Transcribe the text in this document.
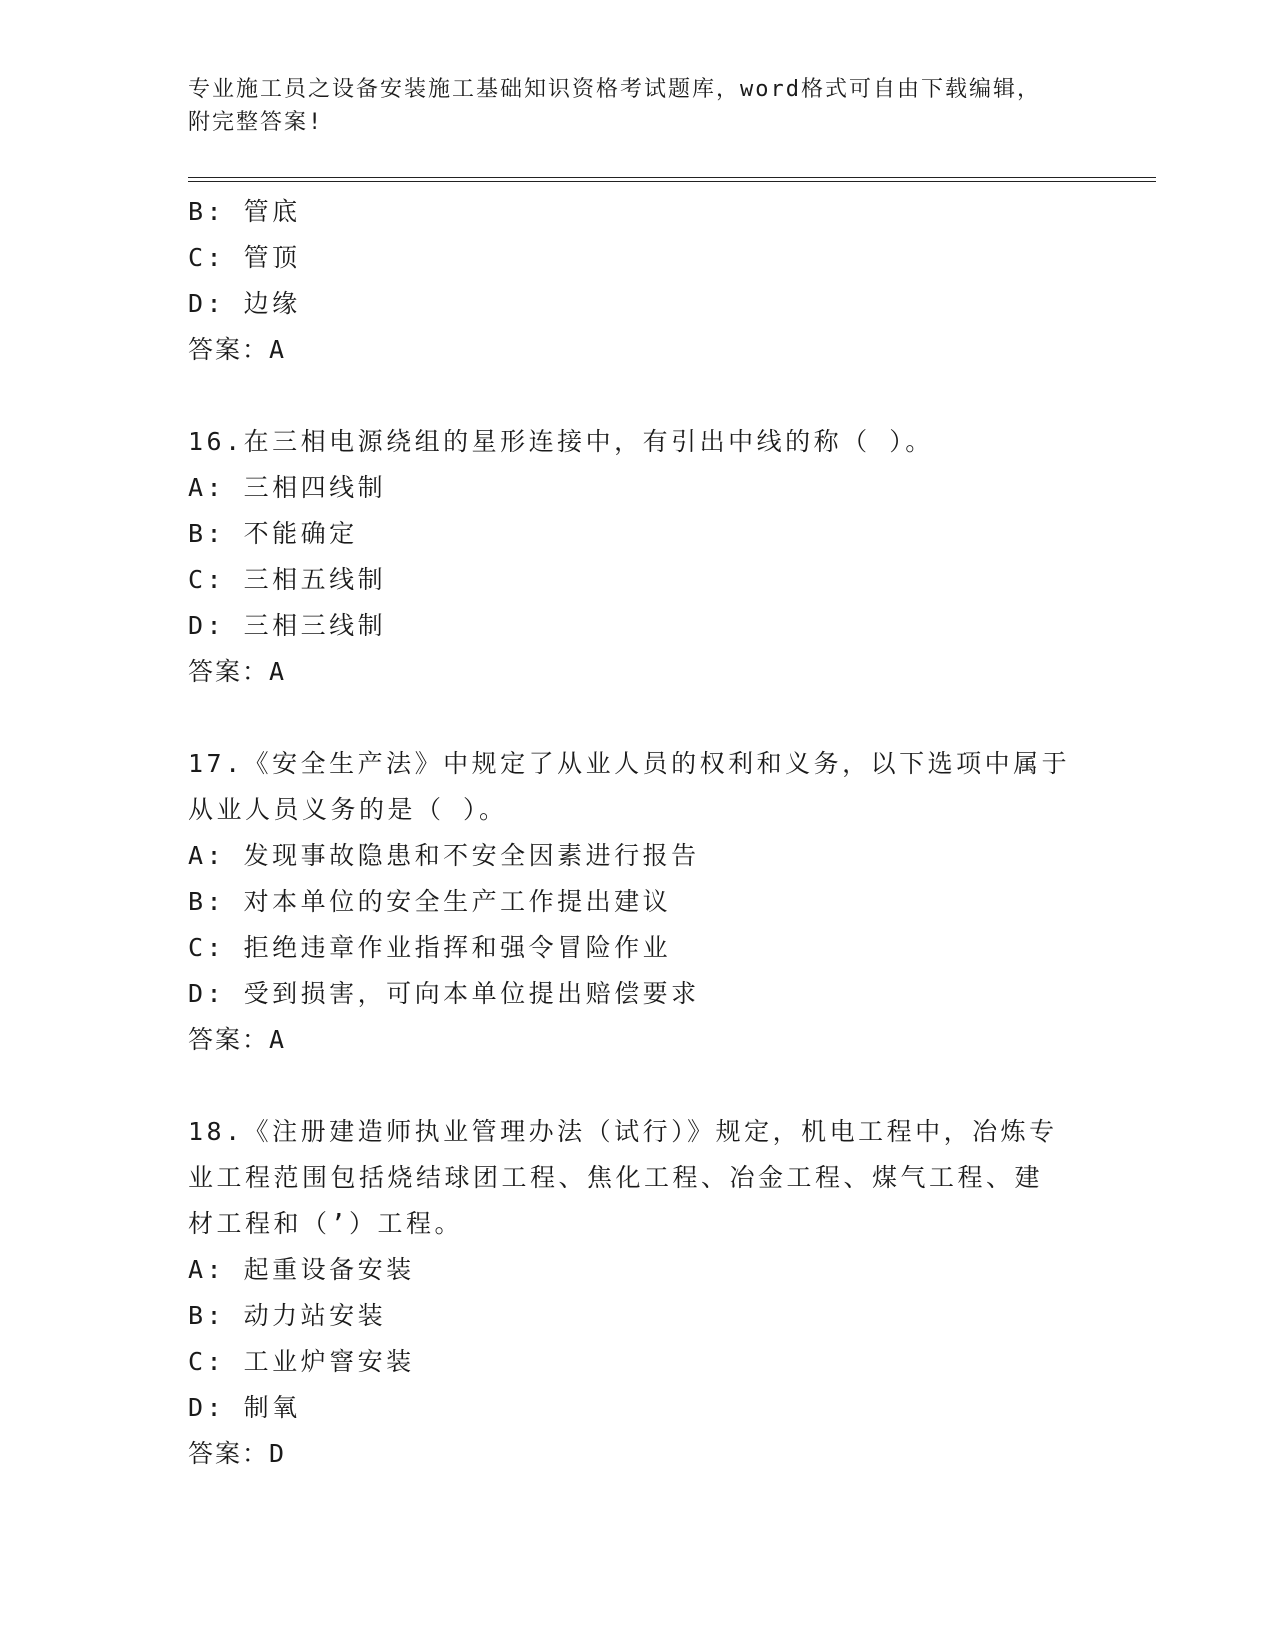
专业施工员之设备安装施工基础知识资格考试题库，word格式可自由下载编辑，
附完整答案!
B: 管底
C: 管顶
D: 边缘
答案：A
16.在三相电源绕组的星形连接中，有引出中线的称（ ）。
A: 三相四线制
B: 不能确定
C: 三相五线制
D: 三相三线制
答案：A
17.《安全生产法》中规定了从业人员的权利和义务，以下选项中属于
从业人员义务的是（ ）。
A: 发现事故隐患和不安全因素进行报告
B: 对本单位的安全生产工作提出建议
C: 拒绝违章作业指挥和强令冒险作业
D: 受到损害，可向本单位提出赔偿要求
答案：A
18.《注册建造师执业管理办法（试行）》规定，机电工程中，冶炼专
业工程范围包括烧结球团工程、焦化工程、冶金工程、煤气工程、建
材工程和（’）工程。
A: 起重设备安装
B: 动力站安装
C: 工业炉窨安装
D: 制氧
答案：D
